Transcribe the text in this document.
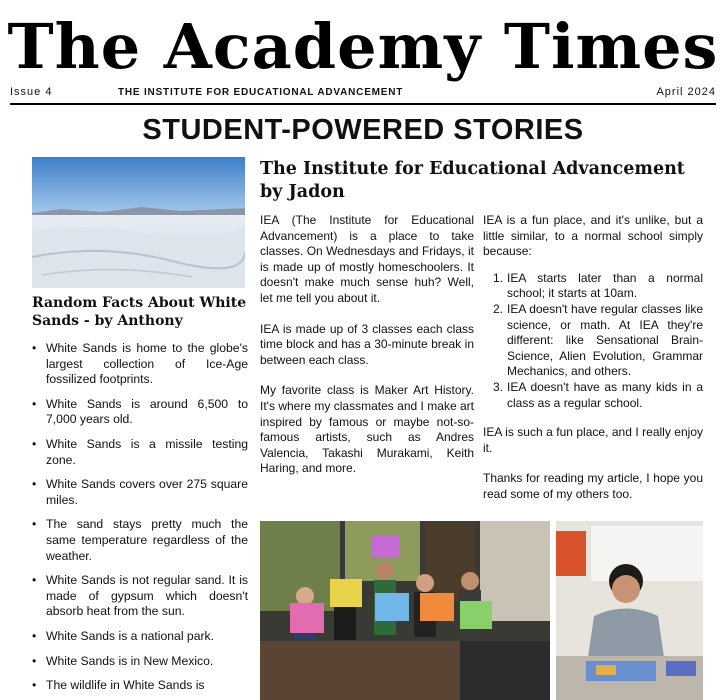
The Academy Times
Issue 4	THE INSTITUTE FOR EDUCATIONAL ADVANCEMENT	April 2024
STUDENT-POWERED STORIES
Random Facts About White Sands - by Anthony
• White Sands is home to the globe's largest collection of Ice-Age fossilized footprints.
• White Sands is around 6,500 to 7,000 years old.
• White Sands is a missile testing zone.
• White Sands covers over 275 square miles.
• The sand stays pretty much the same temperature regardless of the weather.
• White Sands is not regular sand. It is made of gypsum which doesn't absorb heat from the sun.
• White Sands is a national park.
• White Sands is in New Mexico.
• The wildlife in White Sands is
The Institute for Educational Advancement by Jadon

IEA (The Institute for Educational Advancement) is a place to take classes. On Wednesdays and Fridays, it is made up of mostly homeschoolers. It doesn't make much sense huh? Well, let me tell you about it.

IEA is made up of 3 classes each class time block and has a 30-minute break in between each class.

My favorite class is Maker Art History. It's where my classmates and I make art inspired by famous or maybe not-so-famous artists, such as Andres Valencia, Takashi Murakami, Keith Haring, and more.

IEA is a fun place, and it's unlike, but a little similar, to a normal school simply because:

1. IEA starts later than a normal school; it starts at 10am.
2. IEA doesn't have regular classes like science, or math. At IEA they're different: like Sensational Brain-Science, Alien Evolution, Grammar Mechanics, and others.
3. IEA doesn't have as many kids in a class as a regular school.

IEA is such a fun place, and I really enjoy it.

Thanks for reading my article, I hope you read some of my others too.
